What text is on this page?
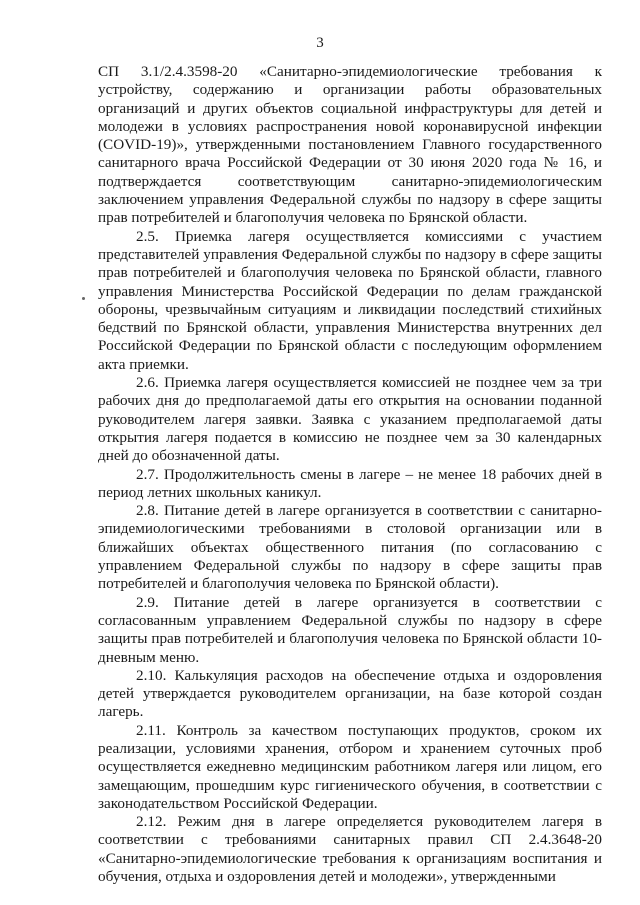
3

СП 3.1/2.4.3598-20 «Санитарно-эпидемиологические требования к устройству, содержанию и организации работы образовательных организаций и других объектов социальной инфраструктуры для детей и молодежи в условиях распространения новой коронавирусной инфекции (COVID-19)», утвержденными постановлением Главного государственного санитарного врача Российской Федерации от 30 июня 2020 года № 16, и подтверждается соответствующим санитарно-эпидемиологическим заключением управления Федеральной службы по надзору в сфере защиты прав потребителей и благополучия человека по Брянской области.

2.5. Приемка лагеря осуществляется комиссиями с участием представителей управления Федеральной службы по надзору в сфере защиты прав потребителей и благополучия человека по Брянской области, главного управления Министерства Российской Федерации по делам гражданской обороны, чрезвычайным ситуациям и ликвидации последствий стихийных бедствий по Брянской области, управления Министерства внутренних дел Российской Федерации по Брянской области с последующим оформлением акта приемки.

2.6. Приемка лагеря осуществляется комиссией не позднее чем за три рабочих дня до предполагаемой даты его открытия на основании поданной руководителем лагеря заявки. Заявка с указанием предполагаемой даты открытия лагеря подается в комиссию не позднее чем за 30 календарных дней до обозначенной даты.

2.7. Продолжительность смены в лагере – не менее 18 рабочих дней в период летних школьных каникул.

2.8. Питание детей в лагере организуется в соответствии с санитарно-эпидемиологическими требованиями в столовой организации или в ближайших объектах общественного питания (по согласованию с управлением Федеральной службы по надзору в сфере защиты прав потребителей и благополучия человека по Брянской области).

2.9. Питание детей в лагере организуется в соответствии с согласованным управлением Федеральной службы по надзору в сфере защиты прав потребителей и благополучия человека по Брянской области 10-дневным меню.

2.10. Калькуляция расходов на обеспечение отдыха и оздоровления детей утверждается руководителем организации, на базе которой создан лагерь.

2.11. Контроль за качеством поступающих продуктов, сроком их реализации, условиями хранения, отбором и хранением суточных проб осуществляется ежедневно медицинским работником лагеря или лицом, его замещающим, прошедшим курс гигиенического обучения, в соответствии с законодательством Российской Федерации.

2.12. Режим дня в лагере определяется руководителем лагеря в соответствии с требованиями санитарных правил СП 2.4.3648-20 «Санитарно-эпидемиологические требования к организациям воспитания и обучения, отдыха и оздоровления детей и молодежи», утвержденными
